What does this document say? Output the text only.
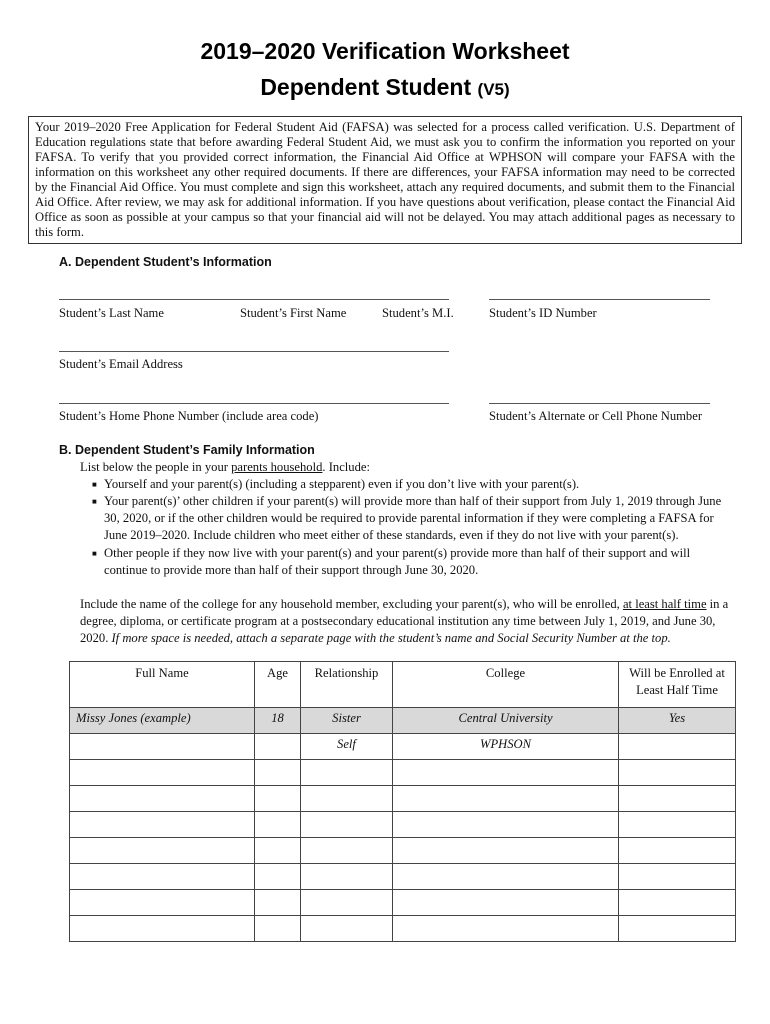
2019–2020 Verification Worksheet
Dependent Student (V5)
Your 2019–2020 Free Application for Federal Student Aid (FAFSA) was selected for a process called verification. U.S. Department of Education regulations state that before awarding Federal Student Aid, we must ask you to confirm the information you reported on your FAFSA. To verify that you provided correct information, the Financial Aid Office at WPHSON will compare your FAFSA with the information on this worksheet any other required documents. If there are differences, your FAFSA information may need to be corrected by the Financial Aid Office. You must complete and sign this worksheet, attach any required documents, and submit them to the Financial Aid Office. After review, we may ask for additional information. If you have questions about verification, please contact the Financial Aid Office as soon as possible at your campus so that your financial aid will not be delayed. You may attach additional pages as necessary to this form.
A. Dependent Student’s Information
Student’s Last Name	Student’s First Name	Student’s M.I.	Student’s ID Number
Student’s Email Address
Student’s Home Phone Number (include area code)	Student’s Alternate or Cell Phone Number
B. Dependent Student’s Family Information
List below the people in your parents household. Include:
■ Yourself and your parent(s) (including a stepparent) even if you don’t live with your parent(s).
■ Your parent(s)’ other children if your parent(s) will provide more than half of their support from July 1, 2019 through June 30, 2020, or if the other children would be required to provide parental information if they were completing a FAFSA for June 2019–2020. Include children who meet either of these standards, even if they do not live with your parent(s).
■ Other people if they now live with your parent(s) and your parent(s) provide more than half of their support and will continue to provide more than half of their support through June 30, 2020.
Include the name of the college for any household member, excluding your parent(s), who will be enrolled, at least half time in a degree, diploma, or certificate program at a postsecondary educational institution any time between July 1, 2019, and June 30, 2020. If more space is needed, attach a separate page with the student’s name and Social Security Number at the top.
Full Name	Age	Relationship	College	Will be Enrolled at Least Half Time
Missy Jones (example)	18	Sister	Central University	Yes
		Self	WPHSON	
